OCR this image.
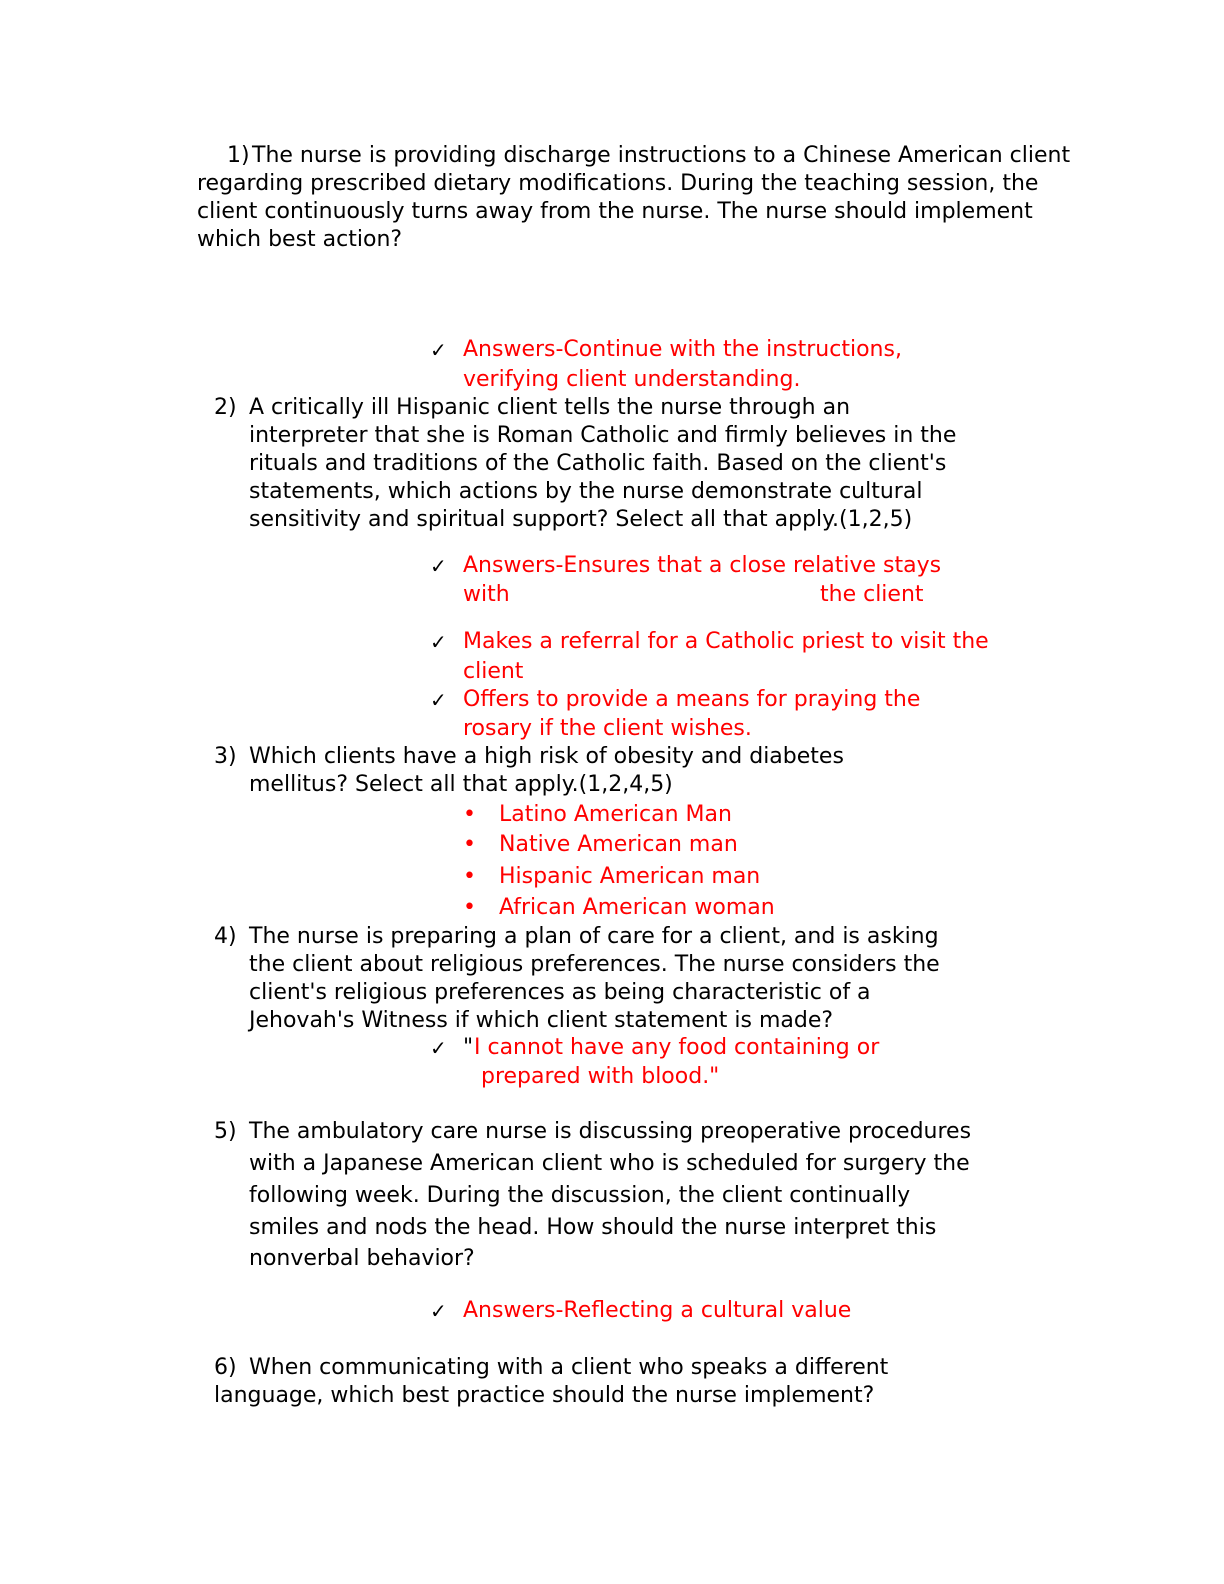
1) The nurse is providing discharge instructions to a Chinese American client
regarding prescribed dietary modifications. During the teaching session, the
client continuously turns away from the nurse. The nurse should implement
which best action?
✓ Answers-Continue with the instructions,
verifying client understanding.
2) A critically ill Hispanic client tells the nurse through an
interpreter that she is Roman Catholic and firmly believes in the
rituals and traditions of the Catholic faith. Based on the client's
statements, which actions by the nurse demonstrate cultural
sensitivity and spiritual support? Select all that apply.(1,2,5)
✓ Answers-Ensures that a close relative stays
with	the client
✓ Makes a referral for a Catholic priest to visit the
client
✓ Offers to provide a means for praying the
rosary if the client wishes.
3) Which clients have a high risk of obesity and diabetes
mellitus? Select all that apply.(1,2,4,5)
• Latino American Man
• Native American man
• Hispanic American man
• African American woman
4) The nurse is preparing a plan of care for a client, and is asking
the client about religious preferences. The nurse considers the
client's religious preferences as being characteristic of a
Jehovah's Witness if which client statement is made?
✓ " I cannot have any food containing or
prepared with blood."
5) The ambulatory care nurse is discussing preoperative procedures
with a Japanese American client who is scheduled for surgery the
following week. During the discussion, the client continually
smiles and nods the head. How should the nurse interpret this
nonverbal behavior?
✓ Answers-Reflecting a cultural value
6) When communicating with a client who speaks a different
language, which best practice should the nurse implement?
